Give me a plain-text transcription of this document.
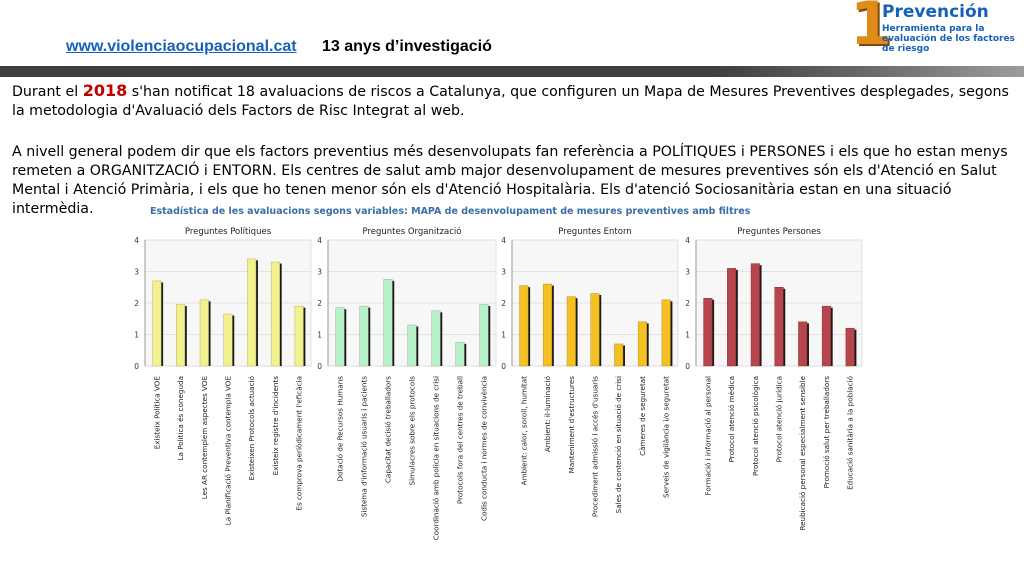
www.violenciaocupacional.cat 13 anys d’investigació	1
Prevención
Herramienta para la evaluación de los factores de riesgo
Durant el 2018 s'han notificat 18 avaluacions de riscos a Catalunya, que configuren un Mapa de Mesures Preventives desplegades, segons la metodologia d'Avaluació dels Factors de Risc Integrat al web.
A nivell general podem dir que els factors preventius més desenvolupats fan referència a POLÍTIQUES i PERSONES i els que ho estan menys remeten a ORGANITZACIÓ i ENTORN. Els centres de salut amb major desenvolupament de mesures preventives són els d'Atenció en Salut Mental i Atenció Primària, i els que ho tenen menor són els d'Atenció Hospitalària. Els d'atenció Sociosanitària estan en una situació intermèdia.	Estadística de les avaluacions segons variables: MAPA de desenvolupament de mesures preventives amb filtres
0
1
2
3
4
Preguntes Polítiques
Existeix Política VOE La Política és coneguda Les AR contemplem aspectes VOE La Planificació Preventiva contempla VOE Existeixen Protocols actuació Existeix registre d'incidents Es comprova periòdicament l'eficàcia
0
1
2
3
4
Preguntes Organització
Dotació de Recursos Humans Sistema d'informació usuaris i pacients Capacitat decisió treballadors Simulacres sobre els protocols Coordinació amb policia en situacions de crisi Protocols fora del centres de treball Codis conducta i normes de convivència
0
1
2
3
4
Preguntes Entorn
Ambient: calor, soroll, humitat Ambient: il·luminació Manteniment d'estructures Procediment admissió i accés d'usuaris Sales de contenció en situació de crisi Càmeres de seguretat Serveis de vigilància i/o seguretat
0
1
2
3
4
Preguntes Persones
Formació i informació al personal Protocol atenció mèdica Protocol atenció psicològica Protocol atenció jurídica Reubicació personal especialment sensible Promoció salut per treballadors Educació sanitària a la població
